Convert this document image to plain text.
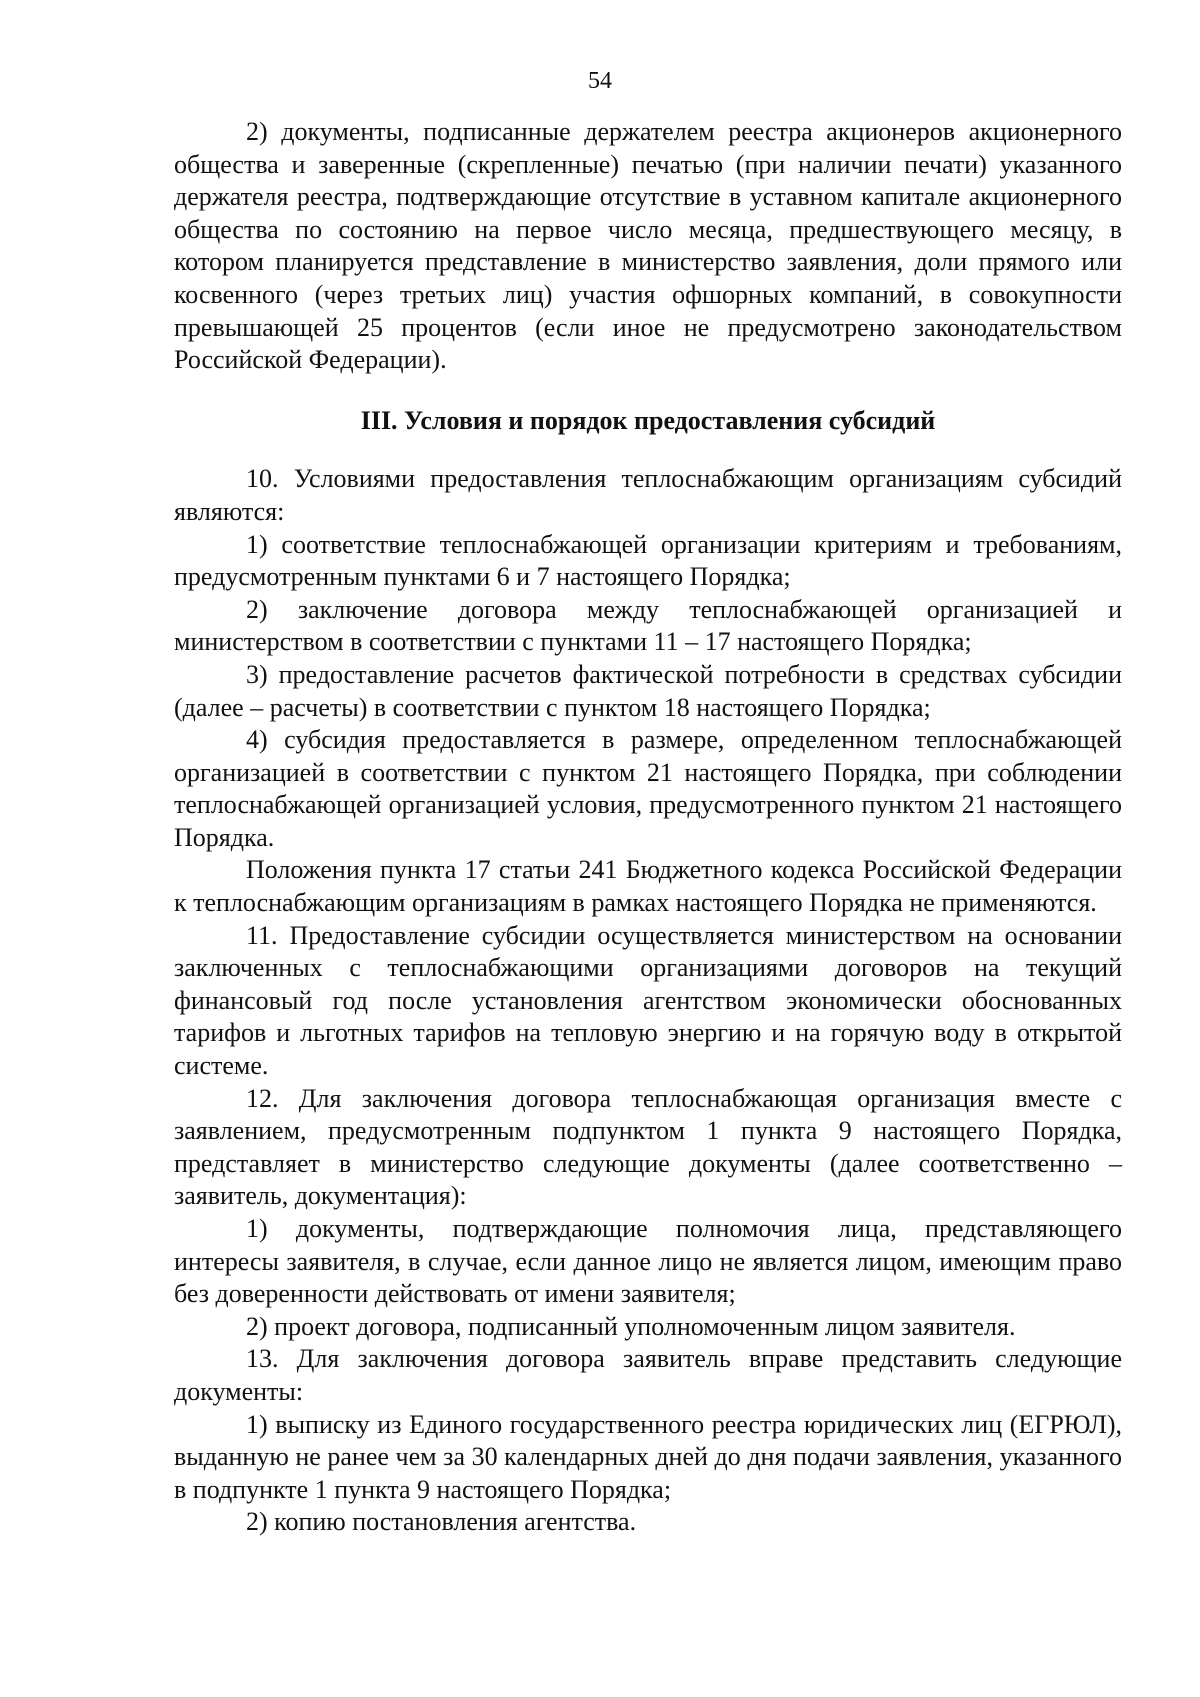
54

2) документы, подписанные держателем реестра акционеров акционерного общества и заверенные (скрепленные) печатью (при наличии печати) указанного держателя реестра, подтверждающие отсутствие в уставном капитале акционерного общества по состоянию на первое число месяца, предшествующего месяцу, в котором планируется представление в министерство заявления, доли прямого или косвенного (через третьих лиц) участия офшорных компаний, в совокупности превышающей 25 процентов (если иное не предусмотрено законодательством Российской Федерации).

III. Условия и порядок предоставления субсидий

10. Условиями предоставления теплоснабжающим организациям субсидий являются:

1) соответствие теплоснабжающей организации критериям и требованиям, предусмотренным пунктами 6 и 7 настоящего Порядка;

2) заключение договора между теплоснабжающей организацией и министерством в соответствии с пунктами 11 – 17 настоящего Порядка;

3) предоставление расчетов фактической потребности в средствах субсидии (далее – расчеты) в соответствии с пунктом 18 настоящего Порядка;

4) субсидия предоставляется в размере, определенном теплоснабжающей организацией в соответствии с пунктом 21 настоящего Порядка, при соблюдении теплоснабжающей организацией условия, предусмотренного пунктом 21 настоящего Порядка.

Положения пункта 17 статьи 241 Бюджетного кодекса Российской Федерации к теплоснабжающим организациям в рамках настоящего Порядка не применяются.

11. Предоставление субсидии осуществляется министерством на основании заключенных с теплоснабжающими организациями договоров на текущий финансовый год после установления агентством экономически обоснованных тарифов и льготных тарифов на тепловую энергию и на горячую воду в открытой системе.

12. Для заключения договора теплоснабжающая организация вместе с заявлением, предусмотренным подпунктом 1 пункта 9 настоящего Порядка, представляет в министерство следующие документы (далее соответственно – заявитель, документация):

1) документы, подтверждающие полномочия лица, представляющего интересы заявителя, в случае, если данное лицо не является лицом, имеющим право без доверенности действовать от имени заявителя;

2) проект договора, подписанный уполномоченным лицом заявителя.

13. Для заключения договора заявитель вправе представить следующие документы:

1) выписку из Единого государственного реестра юридических лиц (ЕГРЮЛ), выданную не ранее чем за 30 календарных дней до дня подачи заявления, указанного в подпункте 1 пункта 9 настоящего Порядка;

2) копию постановления агентства.
